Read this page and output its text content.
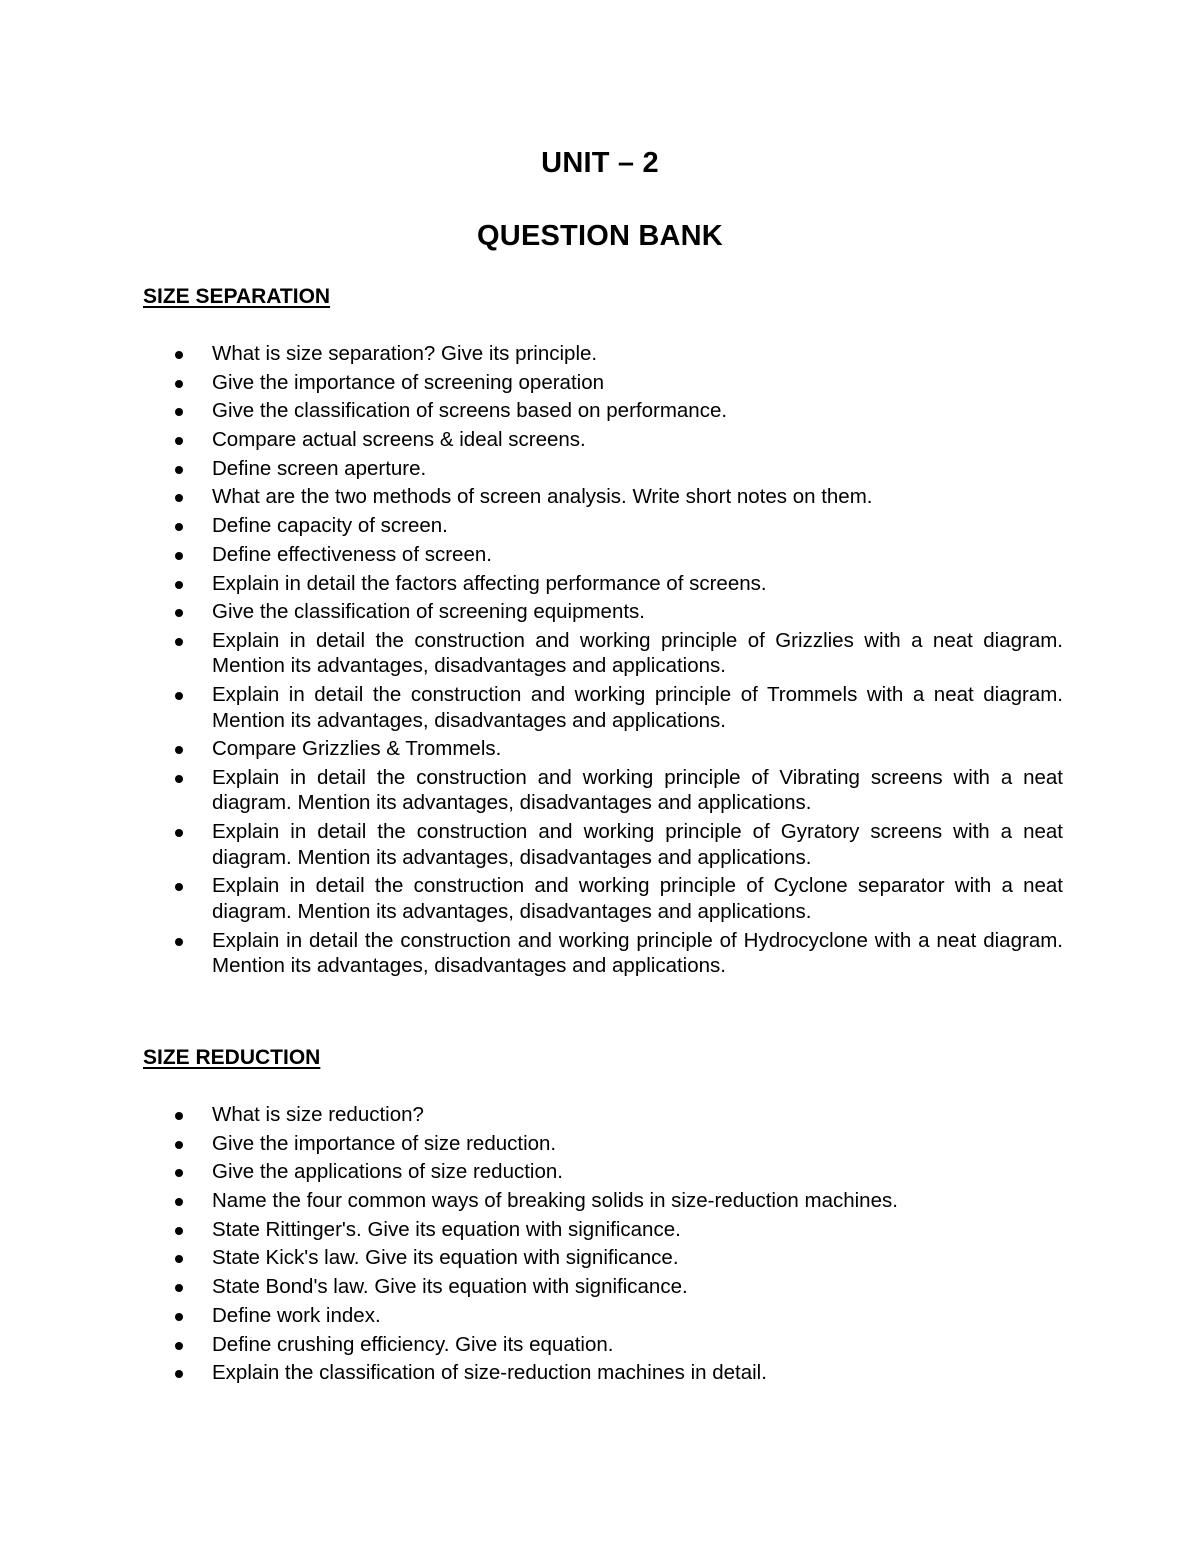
UNIT – 2
QUESTION BANK
SIZE SEPARATION
What is size separation? Give its principle.
Give the importance of screening operation
Give the classification of screens based on performance.
Compare actual screens & ideal screens.
Define screen aperture.
What are the two methods of screen analysis. Write short notes on them.
Define capacity of screen.
Define effectiveness of screen.
Explain in detail the factors affecting performance of screens.
Give the classification of screening equipments.
Explain in detail the construction and working principle of Grizzlies with a neat diagram. Mention its advantages, disadvantages and applications.
Explain in detail the construction and working principle of Trommels with a neat diagram. Mention its advantages, disadvantages and applications.
Compare Grizzlies & Trommels.
Explain in detail the construction and working principle of Vibrating screens with a neat diagram. Mention its advantages, disadvantages and applications.
Explain in detail the construction and working principle of Gyratory screens with a neat diagram. Mention its advantages, disadvantages and applications.
Explain in detail the construction and working principle of Cyclone separator with a neat diagram. Mention its advantages, disadvantages and applications.
Explain in detail the construction and working principle of Hydrocyclone with a neat diagram. Mention its advantages, disadvantages and applications.
SIZE REDUCTION
What is size reduction?
Give the importance of size reduction.
Give the applications of size reduction.
Name the four common ways of breaking solids in size-reduction machines.
State Rittinger's. Give its equation with significance.
State Kick's law. Give its equation with significance.
State Bond's law. Give its equation with significance.
Define work index.
Define crushing efficiency. Give its equation.
Explain the classification of size-reduction machines in detail.
